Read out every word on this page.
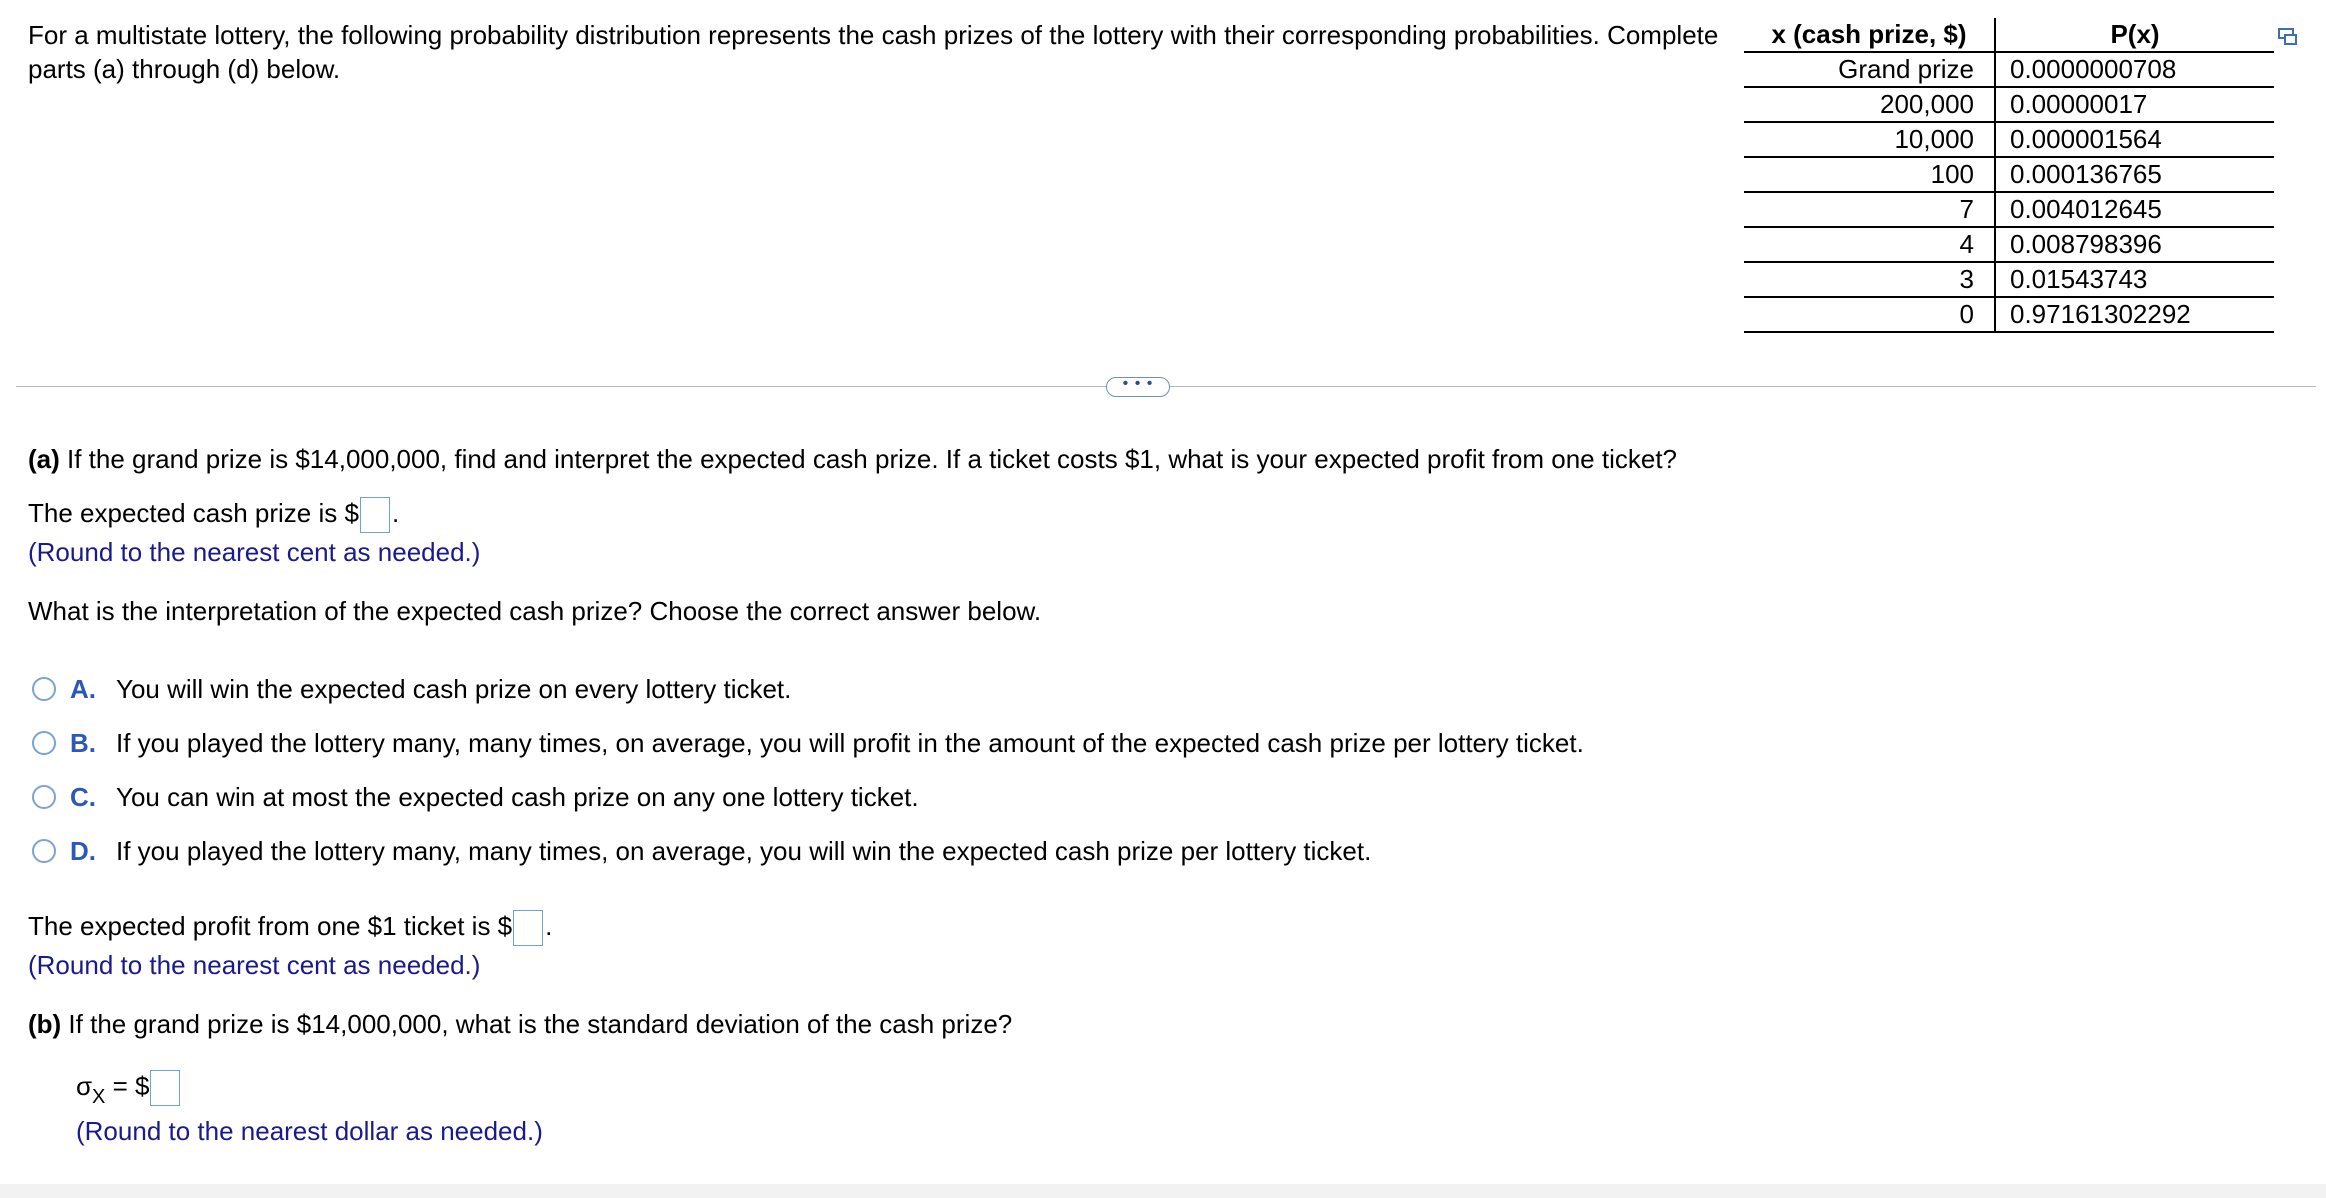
For a multistate lottery, the following probability distribution represents the cash prizes of the lottery with their corresponding probabilities. Complete parts (a) through (d) below.
x (cash prize, $)	P(x)
Grand prize	0.0000000708
200,000	0.00000017
10,000	0.000001564
100	0.000136765
7	0.004012645
4	0.008798396
3	0.01543743
0	0.97161302292
• • •
(a) If the grand prize is $14,000,000, find and interpret the expected cash prize. If a ticket costs $1, what is your expected profit from one ticket?
The expected cash prize is $ .
(Round to the nearest cent as needed.)
What is the interpretation of the expected cash prize? Choose the correct answer below.
A. You will win the expected cash prize on every lottery ticket.
B. If you played the lottery many, many times, on average, you will profit in the amount of the expected cash prize per lottery ticket.
C. You can win at most the expected cash prize on any one lottery ticket.
D. If you played the lottery many, many times, on average, you will win the expected cash prize per lottery ticket.
The expected profit from one $1 ticket is $ .
(Round to the nearest cent as needed.)
(b) If the grand prize is $14,000,000, what is the standard deviation of the cash prize?
$\sigma_X$ = $
(Round to the nearest dollar as needed.)
